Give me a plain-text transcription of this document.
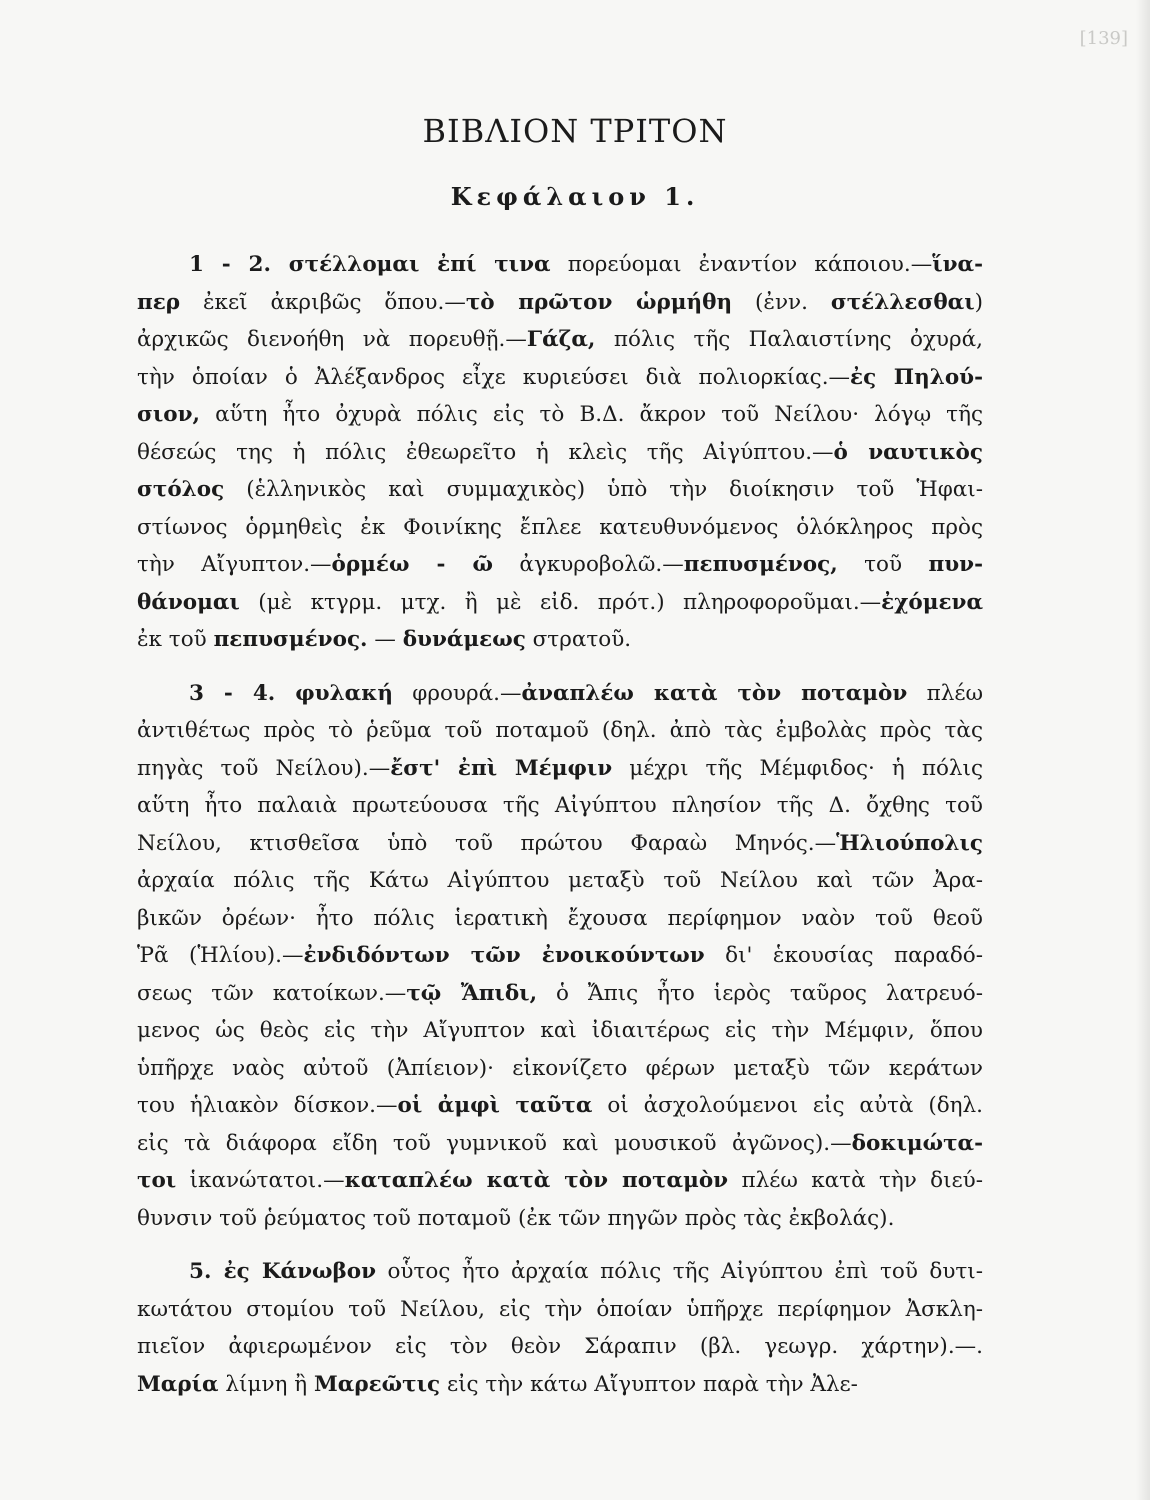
[139]
ΒΙΒΛΙΟΝ ΤΡΙΤΟΝ
Κεφάλαιον 1.
1 - 2. στέλλομαι ἐπί τινα πορεύομαι ἐναντίον κάποιου.—ἵνα-
περ ἐκεῖ ἀκριβῶς ὅπου.—τὸ πρῶτον ὡρμήθη (ἐνν. στέλλεσθαι)
ἀρχικῶς διενοήθη νὰ πορευθῇ.—Γάζα, πόλις τῆς Παλαιστίνης ὀχυρά,
τὴν ὁποίαν ὁ Ἀλέξανδρος εἶχε κυριεύσει διὰ πολιορκίας.—ἐς Πηλού-
σιον, αὕτη ἦτο ὀχυρὰ πόλις εἰς τὸ Β.Δ. ἄκρον τοῦ Νείλου· λόγῳ τῆς
θέσεώς της ἡ πόλις ἐθεωρεῖτο ἡ κλεὶς τῆς Αἰγύπτου.—ὁ ναυτικὸς
στόλος (ἑλληνικὸς καὶ συμμαχικὸς) ὑπὸ τὴν διοίκησιν τοῦ Ἡφαι-
στίωνος ὁρμηθεὶς ἐκ Φοινίκης ἔπλεε κατευθυνόμενος ὁλόκληρος πρὸς
τὴν Αἴγυπτον.—ὁρμέω - ῶ ἀγκυροβολῶ.—πεπυσμένος, τοῦ πυν-
θάνομαι (μὲ κτγρμ. μτχ. ἢ μὲ εἰδ. πρότ.) πληροφοροῦμαι.—ἐχόμενα
ἐκ τοῦ πεπυσμένος. — δυνάμεως στρατοῦ.
3 - 4. φυλακή φρουρά.—ἀναπλέω κατὰ τὸν ποταμὸν πλέω
ἀντιθέτως πρὸς τὸ ῥεῦμα τοῦ ποταμοῦ (δηλ. ἀπὸ τὰς ἐμβολὰς πρὸς τὰς
πηγὰς τοῦ Νείλου).—ἔστ' ἐπὶ Μέμφιν μέχρι τῆς Μέμφιδος· ἡ πόλις
αὕτη ἦτο παλαιὰ πρωτεύουσα τῆς Αἰγύπτου πλησίον τῆς Δ. ὄχθης τοῦ
Νείλου, κτισθεῖσα ὑπὸ τοῦ πρώτου Φαραὼ Μηνός.—Ἡλιούπολις
ἀρχαία πόλις τῆς Κάτω Αἰγύπτου μεταξὺ τοῦ Νείλου καὶ τῶν Ἀρα-
βικῶν ὀρέων· ἦτο πόλις ἱερατικὴ ἔχουσα περίφημον ναὸν τοῦ θεοῦ
Ῥᾶ (Ἡλίου).—ἐνδιδόντων τῶν ἐνοικούντων δι' ἑκουσίας παραδό-
σεως τῶν κατοίκων.—τῷ Ἄπιδι, ὁ Ἄπις ἦτο ἱερὸς ταῦρος λατρευό-
μενος ὡς θεὸς εἰς τὴν Αἴγυπτον καὶ ἰδιαιτέρως εἰς τὴν Μέμφιν, ὅπου
ὑπῆρχε ναὸς αὐτοῦ (Ἀπίειον)· εἰκονίζετο φέρων μεταξὺ τῶν κεράτων
του ἡλιακὸν δίσκον.—οἱ ἀμφὶ ταῦτα οἱ ἀσχολούμενοι εἰς αὐτὰ (δηλ.
εἰς τὰ διάφορα εἴδη τοῦ γυμνικοῦ καὶ μουσικοῦ ἀγῶνος).—δοκιμώτα-
τοι ἱκανώτατοι.—καταπλέω κατὰ τὸν ποταμὸν πλέω κατὰ τὴν διεύ-
θυνσιν τοῦ ῥεύματος τοῦ ποταμοῦ (ἐκ τῶν πηγῶν πρὸς τὰς ἐκβολάς).
5. ἐς Κάνωβον οὗτος ἦτο ἀρχαία πόλις τῆς Αἰγύπτου ἐπὶ τοῦ δυτι-
κωτάτου στομίου τοῦ Νείλου, εἰς τὴν ὁποίαν ὑπῆρχε περίφημον Ἀσκλη-
πιεῖον ἀφιερωμένον εἰς τὸν θεὸν Σάραπιν (βλ. γεωγρ. χάρτην).—.
Μαρία λίμνη ἢ Μαρεῶτις εἰς τὴν κάτω Αἴγυπτον παρὰ τὴν Ἀλε-
